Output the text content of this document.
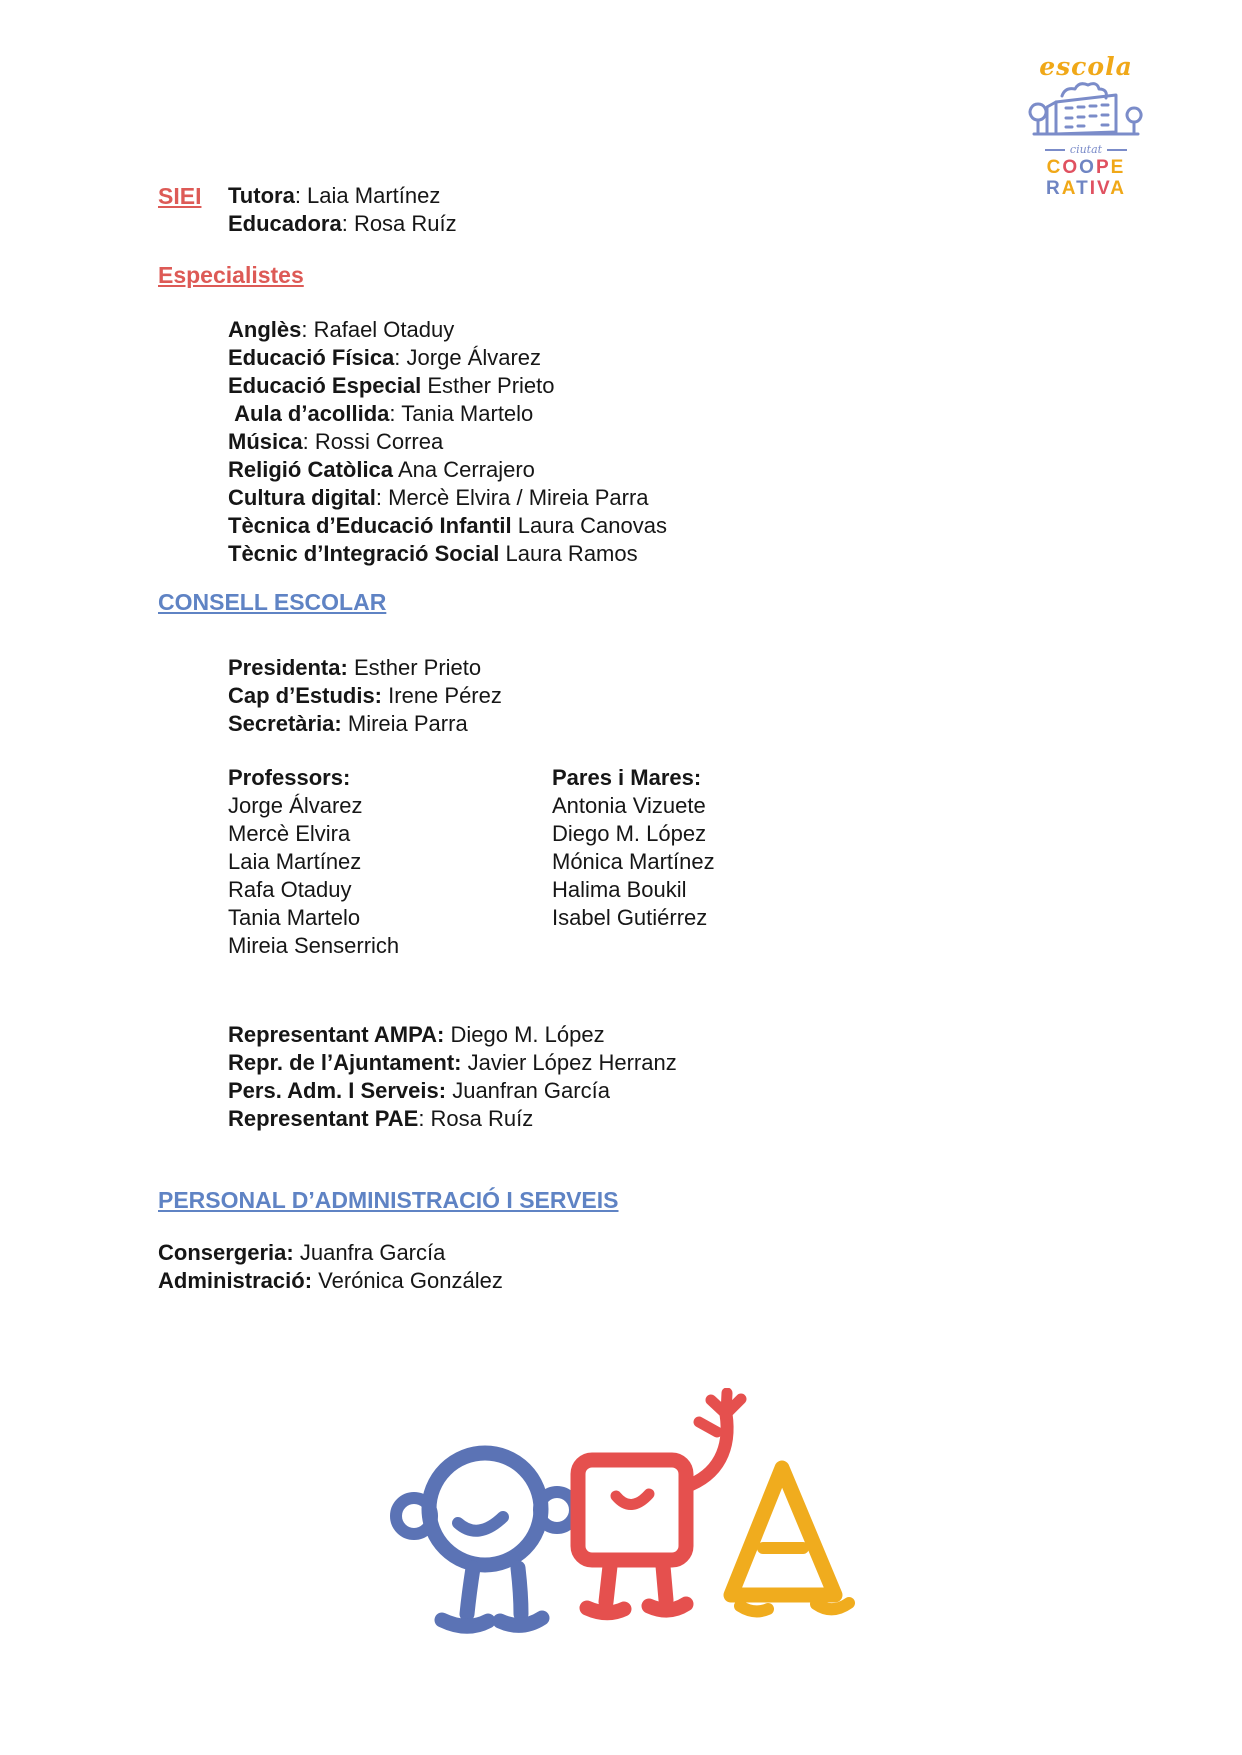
escola
ciutat
COOPE
RATIVA
SIEI Tutora: Laia Martínez
Educadora: Rosa Ruíz
Especialistes
Anglès: Rafael Otaduy
Educació Física: Jorge Álvarez
Educació Especial Esther Prieto
Aula d’acollida: Tania Martelo
Música: Rossi Correa
Religió Catòlica Ana Cerrajero
Cultura digital: Mercè Elvira / Mireia Parra
Tècnica d’Educació Infantil Laura Canovas
Tècnic d’Integració Social Laura Ramos
CONSELL ESCOLAR
Presidenta: Esther Prieto
Cap d’Estudis: Irene Pérez
Secretària: Mireia Parra
Professors:
Jorge Álvarez
Mercè Elvira
Laia Martínez
Rafa Otaduy
Tania Martelo
Mireia Senserrich
Pares i Mares:
Antonia Vizuete
Diego M. López
Mónica Martínez
Halima Boukil
Isabel Gutiérrez
Representant AMPA: Diego M. López
Repr. de l’Ajuntament: Javier López Herranz
Pers. Adm. I Serveis: Juanfran García
Representant PAE: Rosa Ruíz
PERSONAL D’ADMINISTRACIÓ I SERVEIS
Consergeria: Juanfra García
Administració: Verónica González
